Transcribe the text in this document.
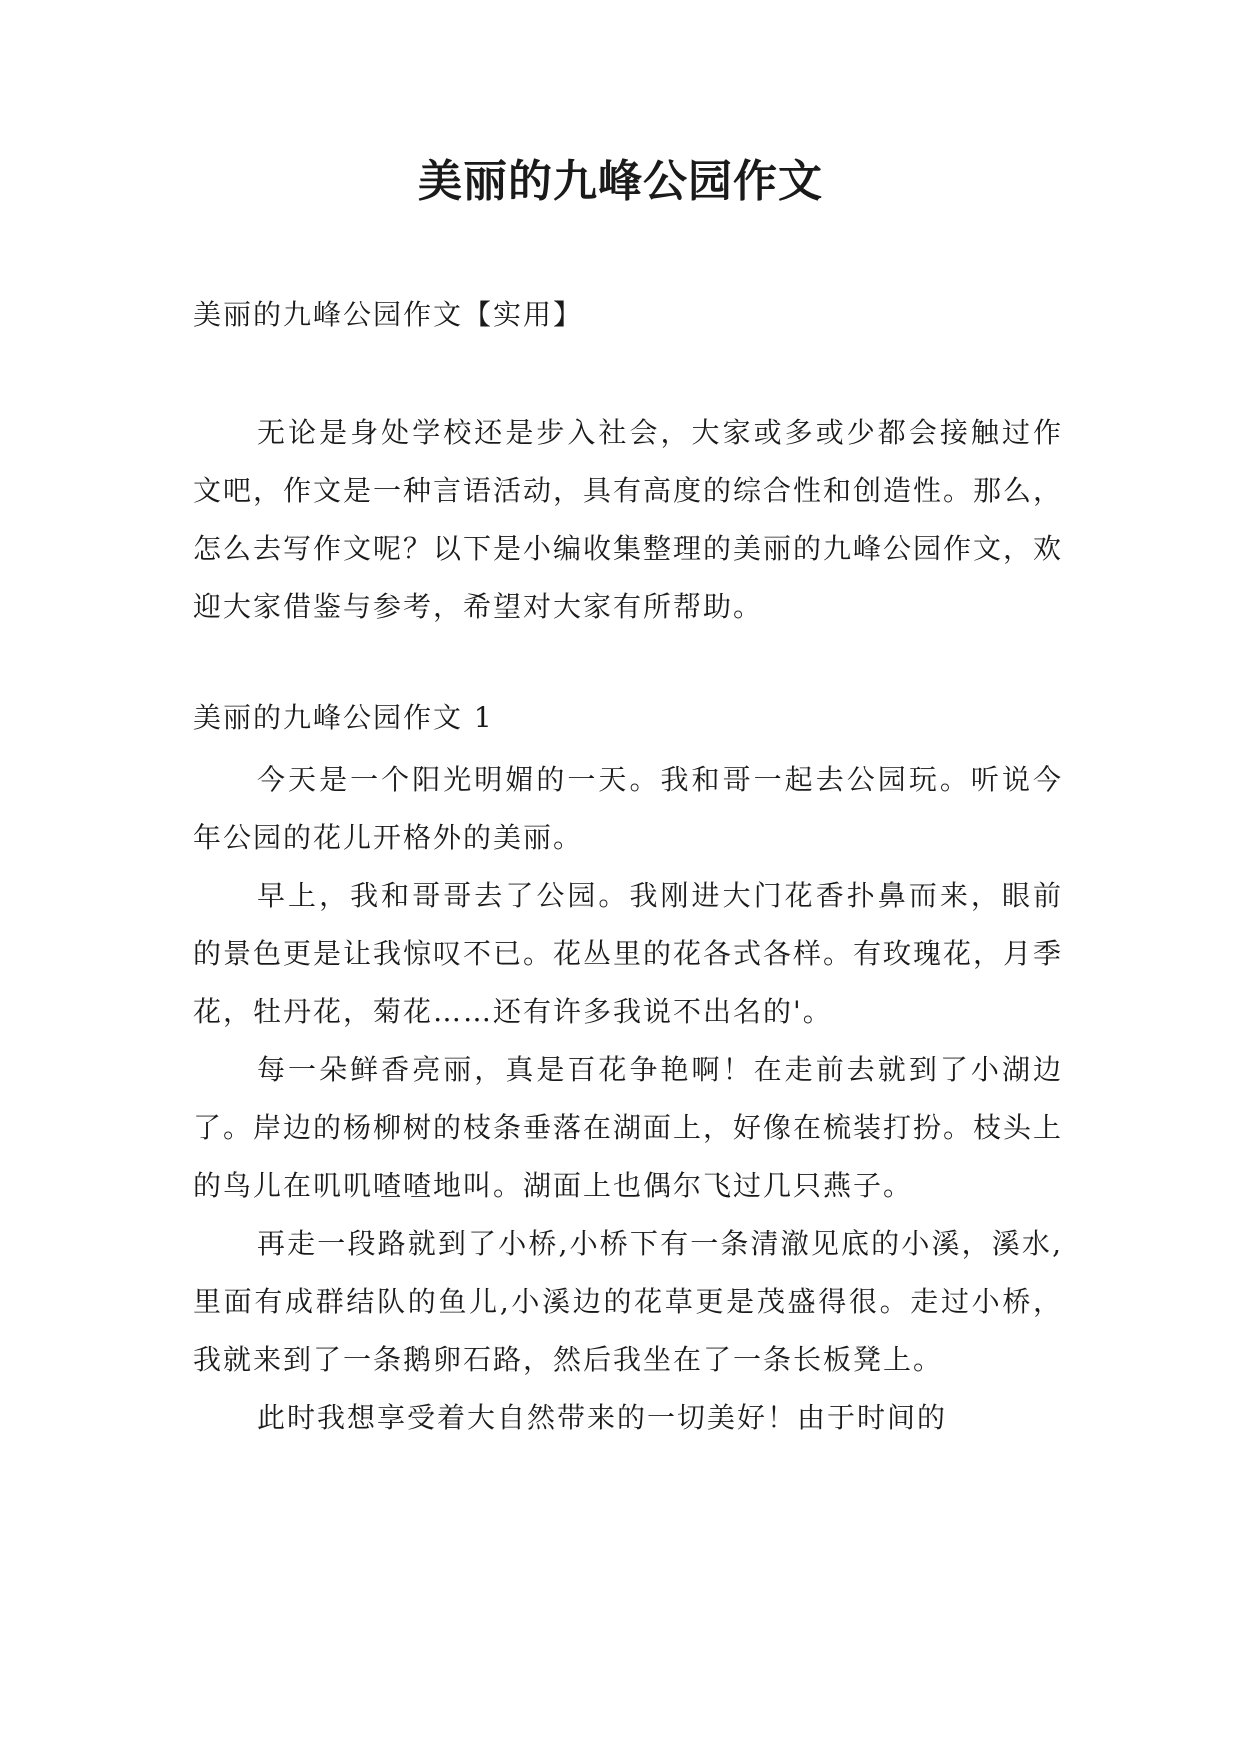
美丽的九峰公园作文
美丽的九峰公园作文【实用】

无论是身处学校还是步入社会，大家或多或少都会接触过作文吧，作文是一种言语活动，具有高度的综合性和创造性。那么，怎么去写作文呢？以下是小编收集整理的美丽的九峰公园作文，欢迎大家借鉴与参考，希望对大家有所帮助。

美丽的九峰公园作文 1

今天是一个阳光明媚的一天。我和哥一起去公园玩。听说今年公园的花儿开格外的美丽。

早上，我和哥哥去了公园。我刚进大门花香扑鼻而来，眼前的景色更是让我惊叹不已。花丛里的花各式各样。有玫瑰花，月季花，牡丹花，菊花……还有许多我说不出名的'。

每一朵鲜香亮丽，真是百花争艳啊！在走前去就到了小湖边了。岸边的杨柳树的枝条垂落在湖面上，好像在梳装打扮。枝头上的鸟儿在叽叽喳喳地叫。湖面上也偶尔飞过几只燕子。

再走一段路就到了小桥,小桥下有一条清澈见底的小溪，溪水,里面有成群结队的鱼儿,小溪边的花草更是茂盛得很。走过小桥，我就来到了一条鹅卵石路，然后我坐在了一条长板凳上。

此时我想享受着大自然带来的一切美好！由于时间的
